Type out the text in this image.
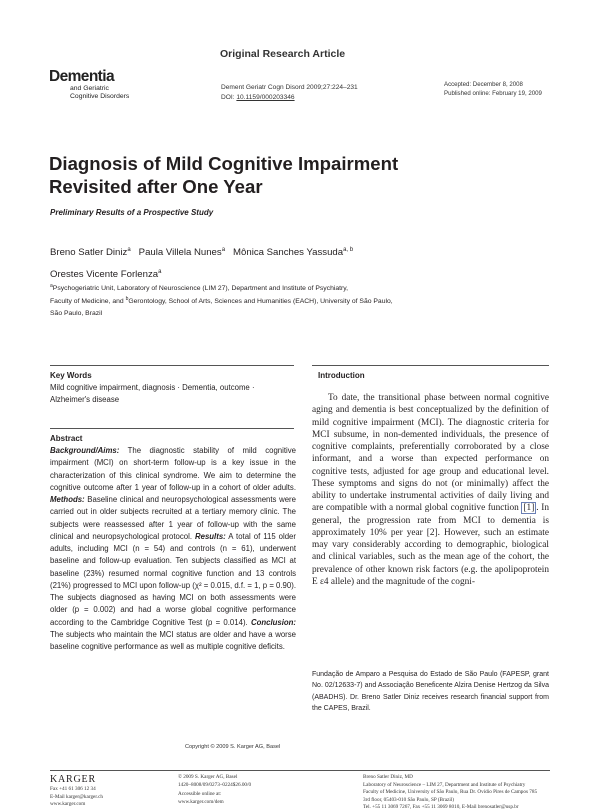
Dementia
and Geriatric
Cognitive Disorders
Original Research Article
Dement Geriatr Cogn Disord 2009;27:224–231
DOI: 10.1159/000203346
Accepted: December 8, 2008
Published online: February 19, 2009
Diagnosis of Mild Cognitive Impairment
Revisited after One Year
Preliminary Results of a Prospective Study
Breno Satler Diniz$^a$ Paula Villela Nunes$^a$ Mônica Sanches Yassuda$^{a, b}$
Orestes Vicente Forlenza$^a$
$^a$Psychogeriatric Unit, Laboratory of Neuroscience (LIM 27), Department and Institute of Psychiatry,
Faculty of Medicine, and $^b$Gerontology, School of Arts, Sciences and Humanities (EACH), University of São Paulo,
São Paulo, Brazil
Key Words
Mild cognitive impairment, diagnosis · Dementia, outcome ·
Alzheimer's disease
Abstract
Background/Aims: The diagnostic stability of mild cognitive impairment (MCI) on short-term follow-up is a key issue in the characterization of this clinical syndrome. We aim to determine the cognitive outcome after 1 year of follow-up in a cohort of older adults. Methods: Baseline clinical and neuropsychological assessments were carried out in older subjects recruited at a tertiary memory clinic. The subjects were reassessed after 1 year of follow-up with the same clinical and neuropsychological protocol. Results: A total of 115 older adults, including MCI (n = 54) and controls (n = 61), underwent baseline and follow-up evaluation. Ten subjects classified as MCI at baseline (23%) resumed normal cognitive function and 13 controls (21%) progressed to MCI upon follow-up (χ² = 0.015, d.f. = 1, p = 0.90). The subjects diagnosed as having MCI on both assessments were older (p = 0.002) and had a worse global cognitive performance according to the Cambridge Cognitive Test (p = 0.014). Conclusion: The subjects who maintain the MCI status are older and have a worse baseline cognitive performance as well as multiple cognitive deficits.
Copyright © 2009 S. Karger AG, Basel
Introduction
To date, the transitional phase between normal cognitive aging and dementia is best conceptualized by the definition of mild cognitive impairment (MCI). The diagnostic criteria for MCI subsume, in non-demented individuals, the presence of cognitive complaints, preferentially corroborated by a close informant, and a worse than expected performance on cognitive tests, adjusted for age group and educational level. These symptoms and signs do not (or minimally) affect the ability to undertake instrumental activities of daily living and are compatible with a normal global cognitive function [1] . In general, the progression rate from MCI to dementia is approximately 10% per year [2]. However, such an estimate may vary considerably according to demographic, biological and clinical variables, such as the mean age of the cohort, the prevalence of other known risk factors (e.g. the apolipoprotein E ε4 allele) and the magnitude of the cogni-
Fundação de Amparo a Pesquisa do Estado de São Paulo (FAPESP, grant No. 02/12633-7) and Associação Beneficente Alzira Denise Hertzog da Silva (ABADHS). Dr. Breno Satler Diniz receives research financial support from the CAPES, Brazil.
KARGER
Fax +41 61 306 12 34
E-Mail karger@karger.ch
www.karger.com
© 2009 S. Karger AG, Basel
1420–8008/09/0273–0224$26.00/0
Accessible online at:
www.karger.com/dem
Breno Satler Diniz, MD
Laboratory of Neuroscience – LIM 27, Department and Institute of Psychiatry
Faculty of Medicine, University of São Paulo, Rua Dr. Ovídio Pires de Campos 785
3rd floor, 05403-010 São Paulo, SP (Brazil)
Tel. +55 11 3069 7267, Fax +55 11 3069 8010, E-Mail brenosatler@usp.br
